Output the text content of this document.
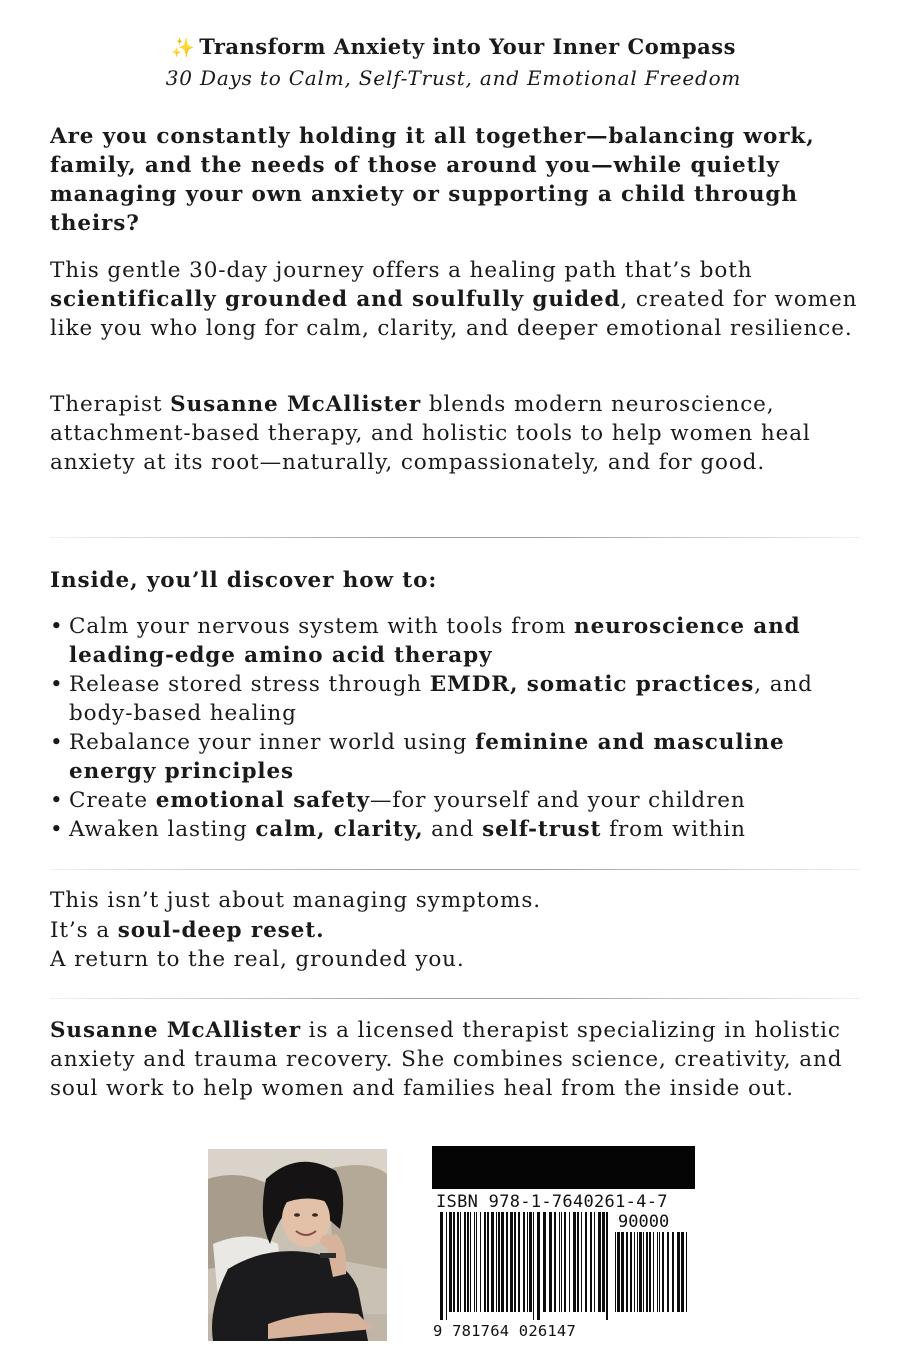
✨ Transform Anxiety into Your Inner Compass
30 Days to Calm, Self-Trust, and Emotional Freedom
Are you constantly holding it all together—balancing work, family, and the needs of those around you—while quietly managing your own anxiety or supporting a child through theirs?
This gentle 30-day journey offers a healing path that’s both scientifically grounded and soulfully guided, created for women like you who long for calm, clarity, and deeper emotional resilience.
Therapist Susanne McAllister blends modern neuroscience, attachment-based therapy, and holistic tools to help women heal anxiety at its root—naturally, compassionately, and for good.
Inside, you’ll discover how to:
• Calm your nervous system with tools from neuroscience and leading-edge amino acid therapy
• Release stored stress through EMDR, somatic practices, and body-based healing
• Rebalance your inner world using feminine and masculine energy principles
• Create emotional safety—for yourself and your children
• Awaken lasting calm, clarity, and self-trust from within
This isn’t just about managing symptoms.
It’s a soul-deep reset.
A return to the real, grounded you.
Susanne McAllister is a licensed therapist specializing in holistic anxiety and trauma recovery. She combines science, creativity, and soul work to help women and families heal from the inside out.
ISBN 978-1-7640261-4-7
90000
9 781764 026147
